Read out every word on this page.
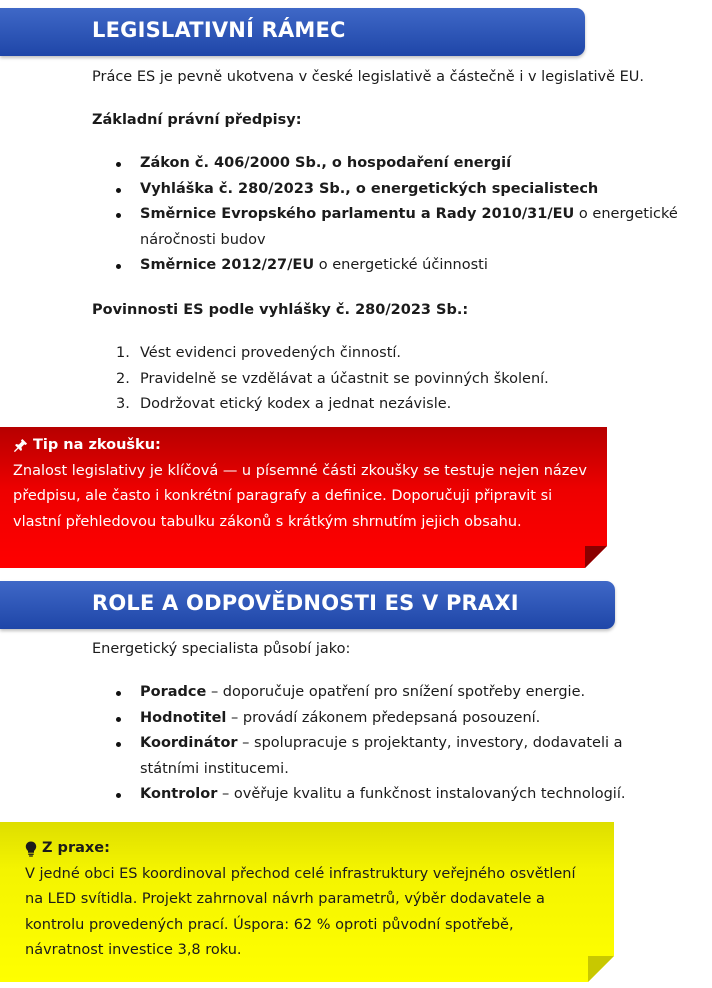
LEGISLATIVNÍ RÁMEC
Práce ES je pevně ukotvena v české legislativě a částečně i v legislativě EU.
Základní právní předpisy:
Zákon č. 406/2000 Sb., o hospodaření energií
Vyhláška č. 280/2023 Sb., o energetických specialistech
Směrnice Evropského parlamentu a Rady 2010/31/EU o energetické náročnosti budov
Směrnice 2012/27/EU o energetické účinnosti
Povinnosti ES podle vyhlášky č. 280/2023 Sb.:
1. Vést evidenci provedených činností.
2. Pravidelně se vzdělávat a účastnit se povinných školení.
3. Dodržovat etický kodex a jednat nezávisle.
Tip na zkoušku:
Znalost legislativy je klíčová — u písemné části zkoušky se testuje nejen název předpisu, ale často i konkrétní paragrafy a definice. Doporučuji připravit si vlastní přehledovou tabulku zákonů s krátkým shrnutím jejich obsahu.
ROLE A ODPOVĚDNOSTI ES V PRAXI
Energetický specialista působí jako:
Poradce – doporučuje opatření pro snížení spotřeby energie.
Hodnotitel – provádí zákonem předepsaná posouzení.
Koordinátor – spolupracuje s projektanty, investory, dodavateli a státními institucemi.
Kontrolor – ověřuje kvalitu a funkčnost instalovaných technologií.
Z praxe:
V jedné obci ES koordinoval přechod celé infrastruktury veřejného osvětlení na LED svítidla. Projekt zahrnoval návrh parametrů, výběr dodavatele a kontrolu provedených prací. Úspora: 62 % oproti původní spotřebě, návratnost investice 3,8 roku.
